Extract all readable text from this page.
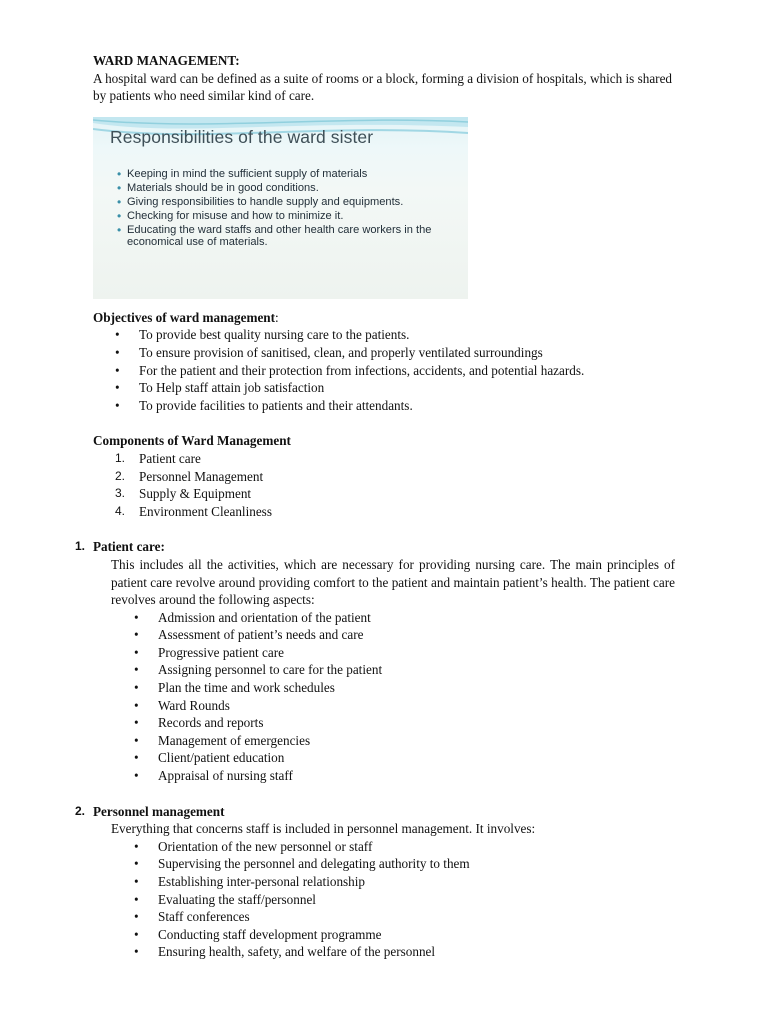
WARD MANAGEMENT:

A hospital ward can be defined as a suite of rooms or a block, forming a division of hospitals, which is shared by patients who need similar kind of care.

Responsibilities of the ward sister
• Keeping in mind the sufficient supply of materials
• Materials should be in good conditions.
• Giving responsibilities to handle supply and equipments.
• Checking for misuse and how to minimize it.
• Educating the ward staffs and other health care workers in the economical use of materials.

Objectives of ward management:

• To provide best quality nursing care to the patients.
• To ensure provision of sanitised, clean, and properly ventilated surroundings
• For the patient and their protection from infections, accidents, and potential hazards.
• To Help staff attain job satisfaction
• To provide facilities to patients and their attendants.

Components of Ward Management

1. Patient care
2. Personnel Management
3. Supply & Equipment
4. Environment Cleanliness

1. Patient care:

This includes all the activities, which are necessary for providing nursing care. The main principles of patient care revolve around providing comfort to the patient and maintain patient’s health. The patient care revolves around the following aspects:

• Admission and orientation of the patient
• Assessment of patient’s needs and care
• Progressive patient care
• Assigning personnel to care for the patient
• Plan the time and work schedules
• Ward Rounds
• Records and reports
• Management of emergencies
• Client/patient education
• Appraisal of nursing staff

2. Personnel management

Everything that concerns staff is included in personnel management. It involves:

• Orientation of the new personnel or staff
• Supervising the personnel and delegating authority to them
• Establishing inter-personal relationship
• Evaluating the staff/personnel
• Staff conferences
• Conducting staff development programme
• Ensuring health, safety, and welfare of the personnel
